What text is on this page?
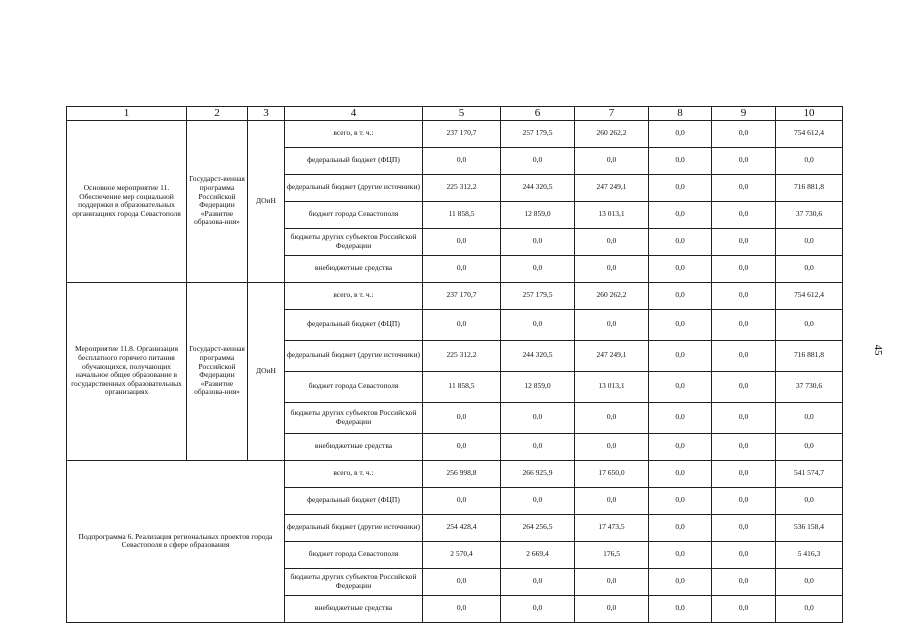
45
1	2	3	4	5	6	7	8	9	10
Основное мероприятие 11. Обеспечение мер социальной поддержки в образовательных организациях города Севастополя	Государст-венная программа Российской Федерации «Развитие образова-ния»	ДОиН	всего, в т. ч.:	237 170,7	257 179,5	260 262,2	0,0	0,0	754 612,4
			федеральный бюджет (ФЦП)	0,0	0,0	0,0	0,0	0,0	0,0
			федеральный бюджет (другие источники)	225 312,2	244 320,5	247 249,1	0,0	0,0	716 881,8
			бюджет города Севастополя	11 858,5	12 859,0	13 013,1	0,0	0,0	37 730,6
			бюджеты других субъектов Российской Федерации	0,0	0,0	0,0	0,0	0,0	0,0
			внебюджетные средства	0,0	0,0	0,0	0,0	0,0	0,0
Мероприятие 11.8. Организация бесплатного горячего питания обучающихся, получающих начальное общее образование в государственных образовательных организациях	Государст-венная программа Российской Федерации «Развитие образова-ния»	ДОиН	всего, в т. ч.:	237 170,7	257 179,5	260 262,2	0,0	0,0	754 612,4
			федеральный бюджет (ФЦП)	0,0	0,0	0,0	0,0	0,0	0,0
			федеральный бюджет (другие источники)	225 312,2	244 320,5	247 249,1	0,0	0,0	716 881,8
			бюджет города Севастополя	11 858,5	12 859,0	13 013,1	0,0	0,0	37 730,6
			бюджеты других субъектов Российской Федерации	0,0	0,0	0,0	0,0	0,0	0,0
			внебюджетные средства	0,0	0,0	0,0	0,0	0,0	0,0
Подпрограмма 6. Реализация региональных проектов города Севастополя в сфере образования			всего, в т. ч.:	256 998,8	266 925,9	17 650,0	0,0	0,0	541 574,7
			федеральный бюджет (ФЦП)	0,0	0,0	0,0	0,0	0,0	0,0
			федеральный бюджет (другие источники)	254 428,4	264 256,5	17 473,5	0,0	0,0	536 158,4
			бюджет города Севастополя	2 570,4	2 669,4	176,5	0,0	0,0	5 416,3
			бюджеты других субъектов Российской Федерации	0,0	0,0	0,0	0,0	0,0	0,0
			внебюджетные средства	0,0	0,0	0,0	0,0	0,0	0,0
